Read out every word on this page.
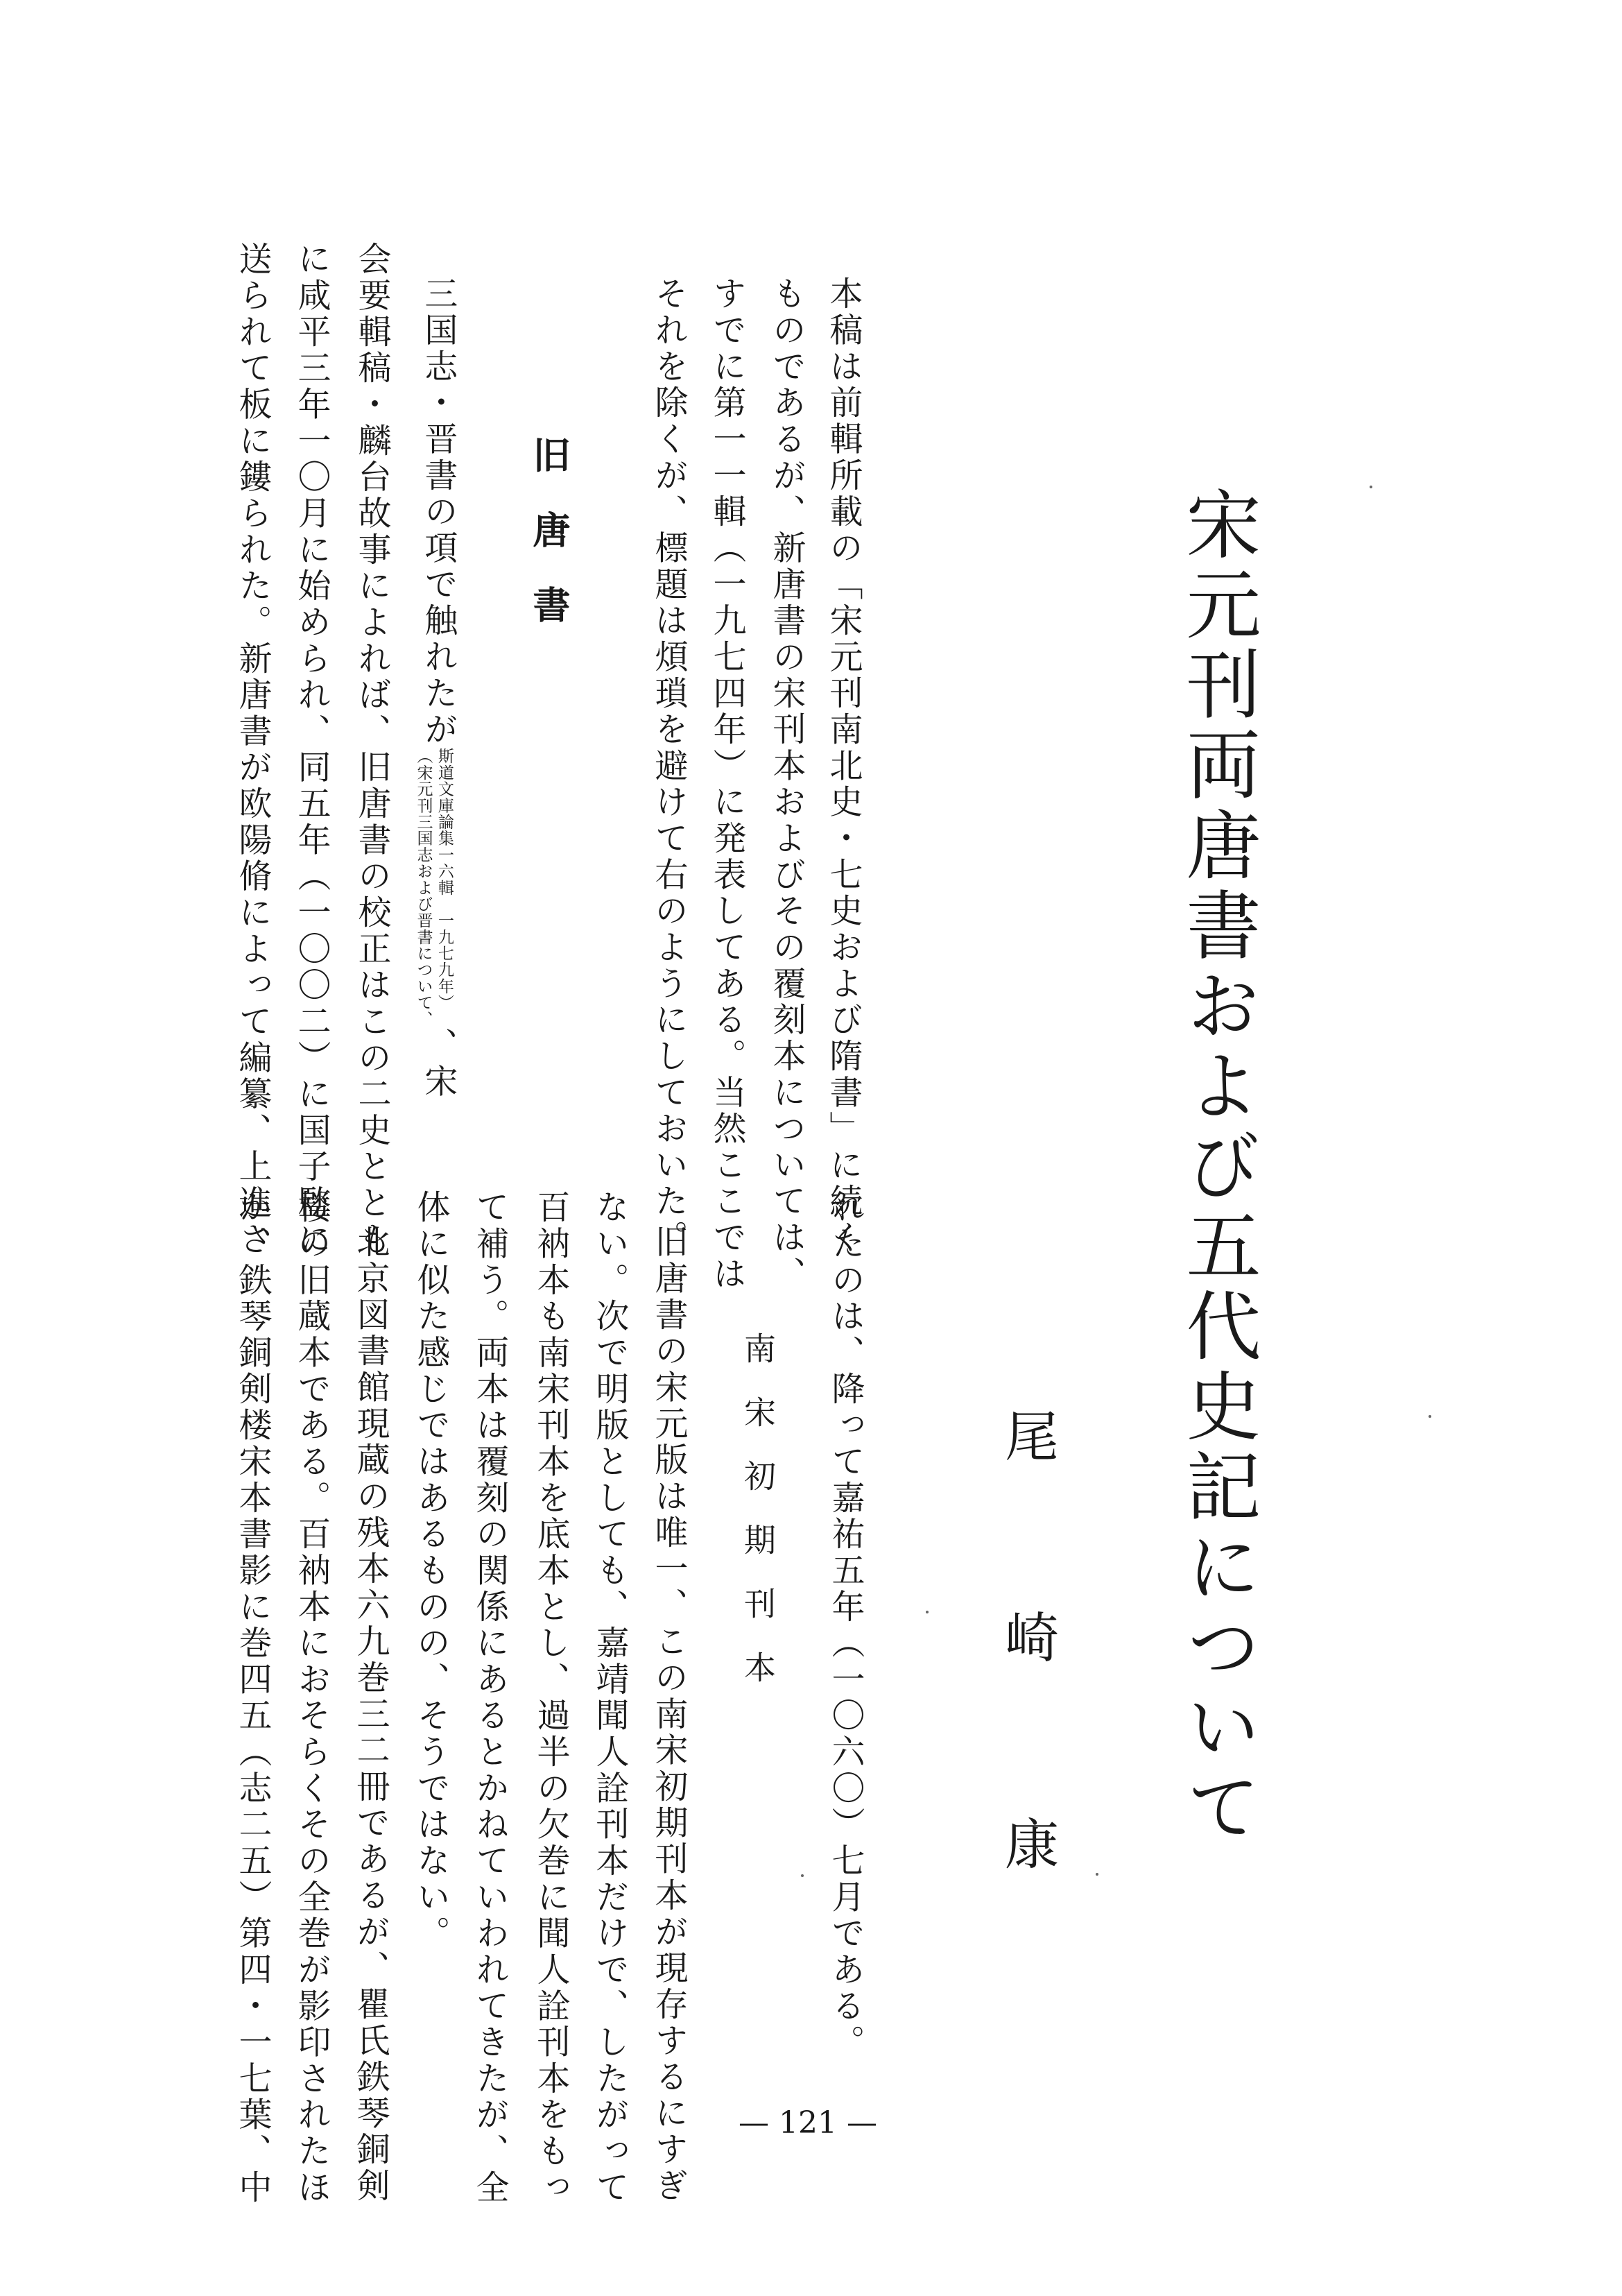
宋元刊両唐書および五代史記について
尾
崎
康
本稿は前輯所載の「宋元刊南北史・七史および隋書」に続く
ものであるが、新唐書の宋刊本およびその覆刻本については、
すでに第一一輯（一九七四年）に発表してある。当然ここでは
それを除くが、標題は煩瑣を避けて右のようにしておいた。
旧　唐　書
三国志・晋書の項で触れたが（宋元刊三国志および晋書について、 斯道文庫論集一六輯　一九七九年）、宋
会要輯稿・麟台故事によれば、旧唐書の校正はこの二史ととも
に咸平三年一〇月に始められ、同五年（一〇〇二）に国子監に
送られて板に鏤られた。新唐書が欧陽脩によって編纂、上進さ
れたのは、降って嘉祐五年（一〇六〇）七月である。
南　宋　初　期　刊　本
旧唐書の宋元版は唯一、この南宋初期刊本が現存するにすぎ
ない。次で明版としても、嘉靖聞人詮刊本だけで、したがって
百衲本も南宋刊本を底本とし、過半の欠巻に聞人詮刊本をもっ
て補う。両本は覆刻の関係にあるとかねていわれてきたが、全
体に似た感じではあるものの、そうではない。
北京図書館現蔵の残本六九巻三二冊であるが、瞿氏鉄琴銅剣
楼の旧蔵本である。百衲本におそらくその全巻が影印されたほ
か、鉄琴銅剣楼宋本書影に巻四五（志二五）第四・一七葉、中	— 121 —
